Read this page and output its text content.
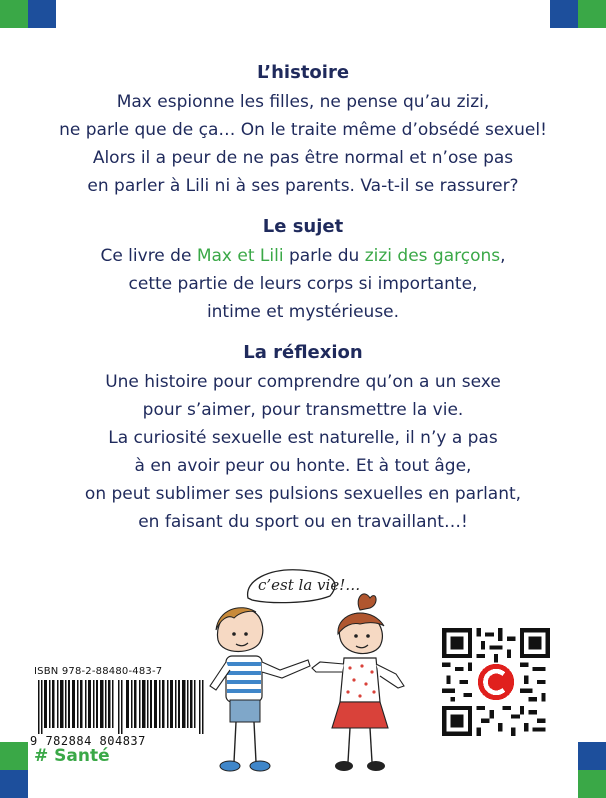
L’histoire
Max espionne les filles, ne pense qu’au zizi,
ne parle que de ça… On le traite même d’obsédé sexuel!
Alors il a peur de ne pas être normal et n’ose pas
en parler à Lili ni à ses parents. Va-t-il se rassurer?
Le sujet
Ce livre de Max et Lili parle du zizi des garçons,
cette partie de leurs corps si importante,
intime et mystérieuse.
La réflexion
Une histoire pour comprendre qu’on a un sexe
pour s’aimer, pour transmettre la vie.
La curiosité sexuelle est naturelle, il n’y a pas
à en avoir peur ou honte. Et à tout âge,
on peut sublimer ses pulsions sexuelles en parlant,
en faisant du sport ou en travaillant…!
c’est la vie!…
ISBN 978-2-88480-483-7
9 782884 804837
# Santé
